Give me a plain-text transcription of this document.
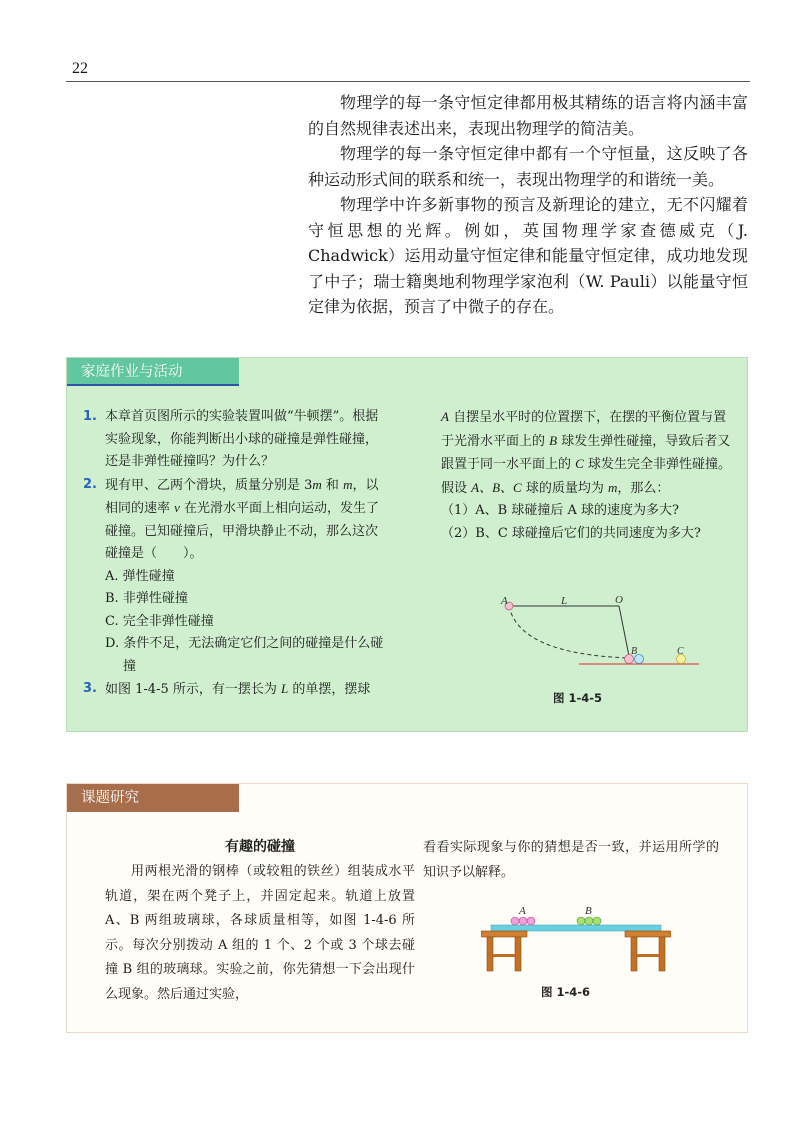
22

物理学的每一条守恒定律都用极其精练的语言将内涵丰富的自然规律表述出来，表现出物理学的简洁美。

物理学的每一条守恒定律中都有一个守恒量，这反映了各种运动形式间的联系和统一，表现出物理学的和谐统一美。

物理学中许多新事物的预言及新理论的建立，无不闪耀着守恒思想的光辉。例如，英国物理学家查德威克（J. Chadwick）运用动量守恒定律和能量守恒定律，成功地发现了中子；瑞士籍奥地利物理学家泡利（W. Pauli）以能量守恒定律为依据，预言了中微子的存在。

家庭作业与活动
1. 本章首页图所示的实验装置叫做“牛顿摆”。根据实验现象，你能判断出小球的碰撞是弹性碰撞，还是非弹性碰撞吗？为什么？
2. 现有甲、乙两个滑块，质量分别是 3m 和 m，以相同的速率 v 在光滑水平面上相向运动，发生了碰撞。已知碰撞后，甲滑块静止不动，那么这次碰撞是（　　）。
A. 弹性碰撞
B. 非弹性碰撞
C. 完全非弹性碰撞
D. 条件不足，无法确定它们之间的碰撞是什么碰撞
3. 如图 1-4-5 所示，有一摆长为 L 的单摆，摆球
A 自摆呈水平时的位置摆下，在摆的平衡位置与置于光滑水平面上的 B 球发生弹性碰撞，导致后者又跟置于同一水平面上的 C 球发生完全非弹性碰撞。假设 A、B、C 球的质量均为 m，那么：
（1）A、B 球碰撞后 A 球的速度为多大?
（2）B、C 球碰撞后它们的共同速度为多大?
A	L	O
B	C
图 1-4-5
课题研究
有趣的碰撞
用两根光滑的钢棒（或较粗的铁丝）组装成水平轨道，架在两个凳子上，并固定起来。轨道上放置 A、B 两组玻璃球，各球质量相等，如图 1-4-6 所示。每次分别拨动 A 组的 1 个、2 个或 3 个球去碰撞 B 组的玻璃球。实验之前，你先猜想一下会出现什么现象。然后通过实验，
看看实际现象与你的猜想是否一致，并运用所学的知识予以解释。
A	B
图 1-4-6
